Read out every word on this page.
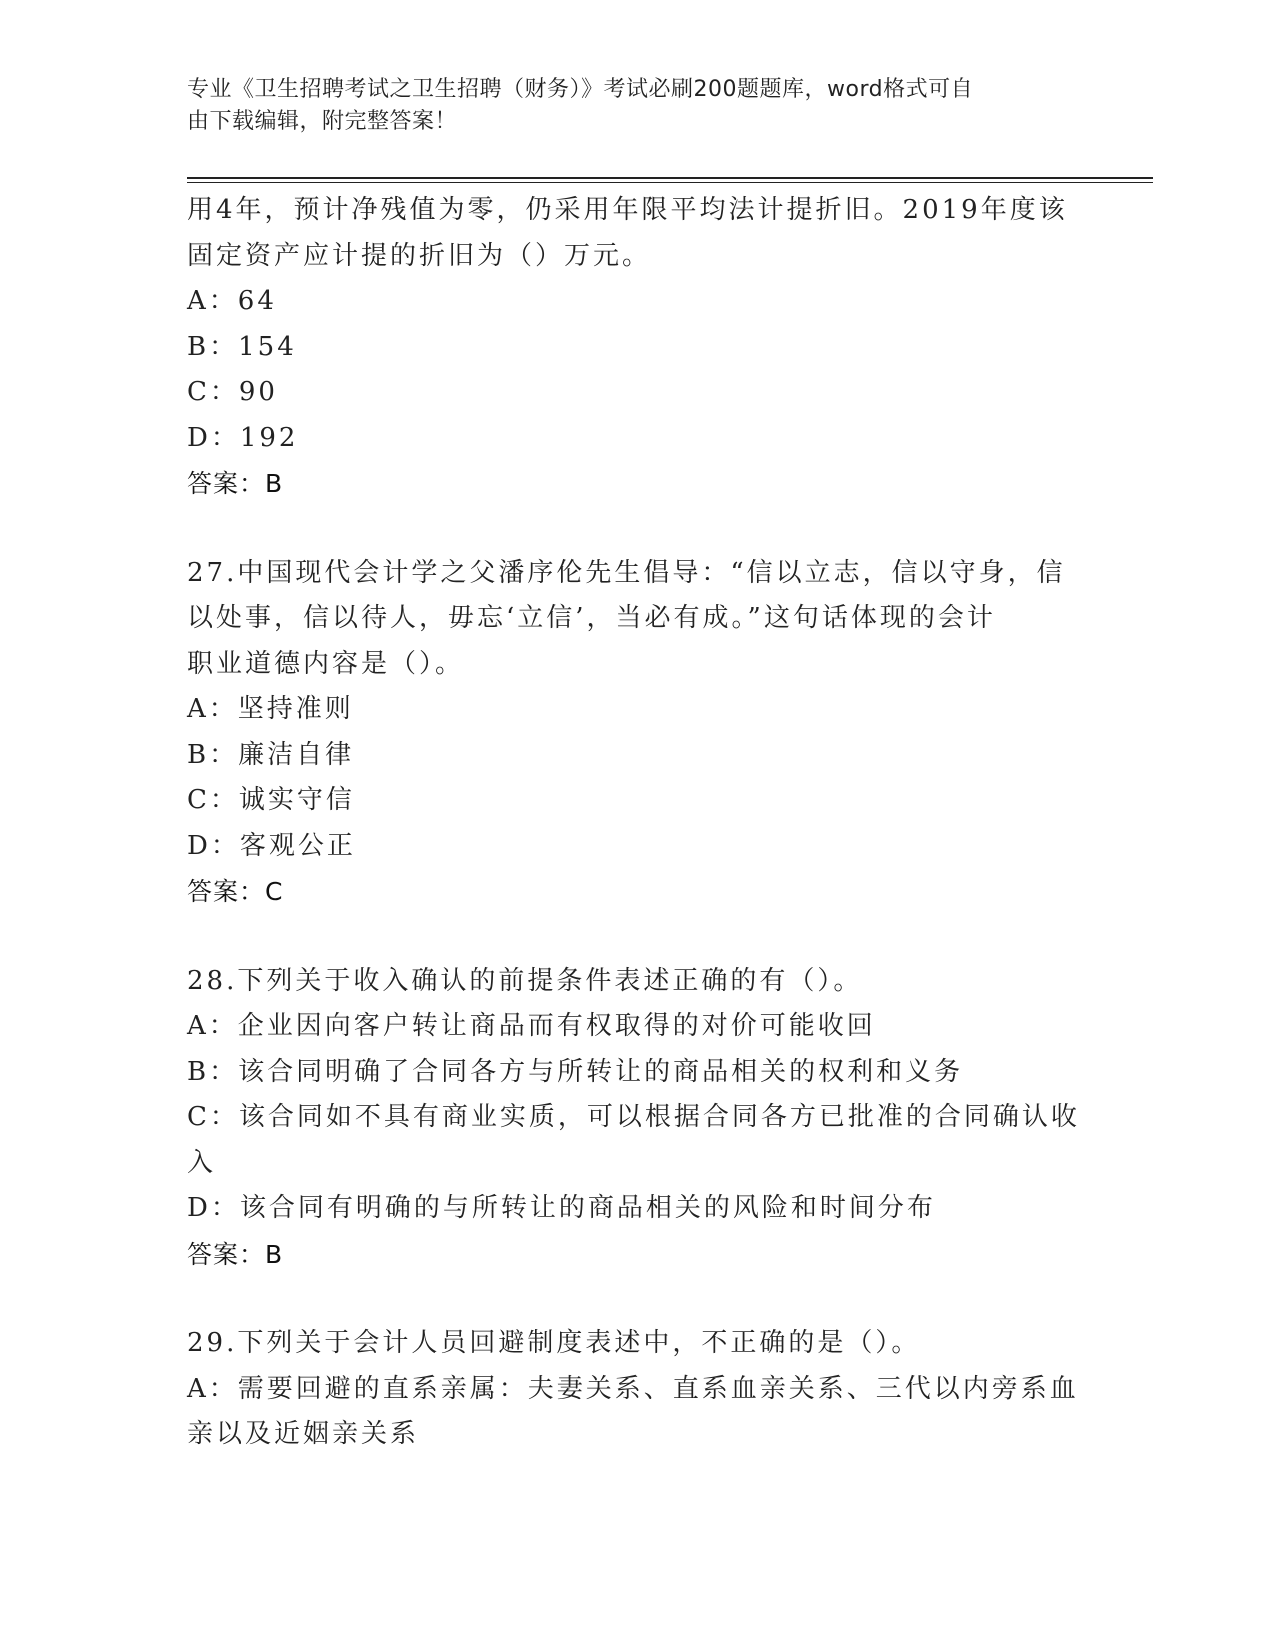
专业《卫生招聘考试之卫生招聘（财务）》考试必刷200题题库，word格式可自
由下载编辑，附完整答案！
用4年，预计净残值为零，仍采用年限平均法计提折旧。2019年度该
固定资产应计提的折旧为（）万元。
A：64
B：154
C：90
D：192
答案：B
27.中国现代会计学之父潘序伦先生倡导：“信以立志，信以守身，信
以处事，信以待人，毋忘‘立信’，当必有成。”这句话体现的会计
职业道德内容是（）。
A：坚持准则
B：廉洁自律
C：诚实守信
D：客观公正
答案：C
28.下列关于收入确认的前提条件表述正确的有（）。
A：企业因向客户转让商品而有权取得的对价可能收回
B：该合同明确了合同各方与所转让的商品相关的权利和义务
C：该合同如不具有商业实质，可以根据合同各方已批准的合同确认收
入
D：该合同有明确的与所转让的商品相关的风险和时间分布
答案：B
29.下列关于会计人员回避制度表述中，不正确的是（）。
A：需要回避的直系亲属：夫妻关系、直系血亲关系、三代以内旁系血
亲以及近姻亲关系
